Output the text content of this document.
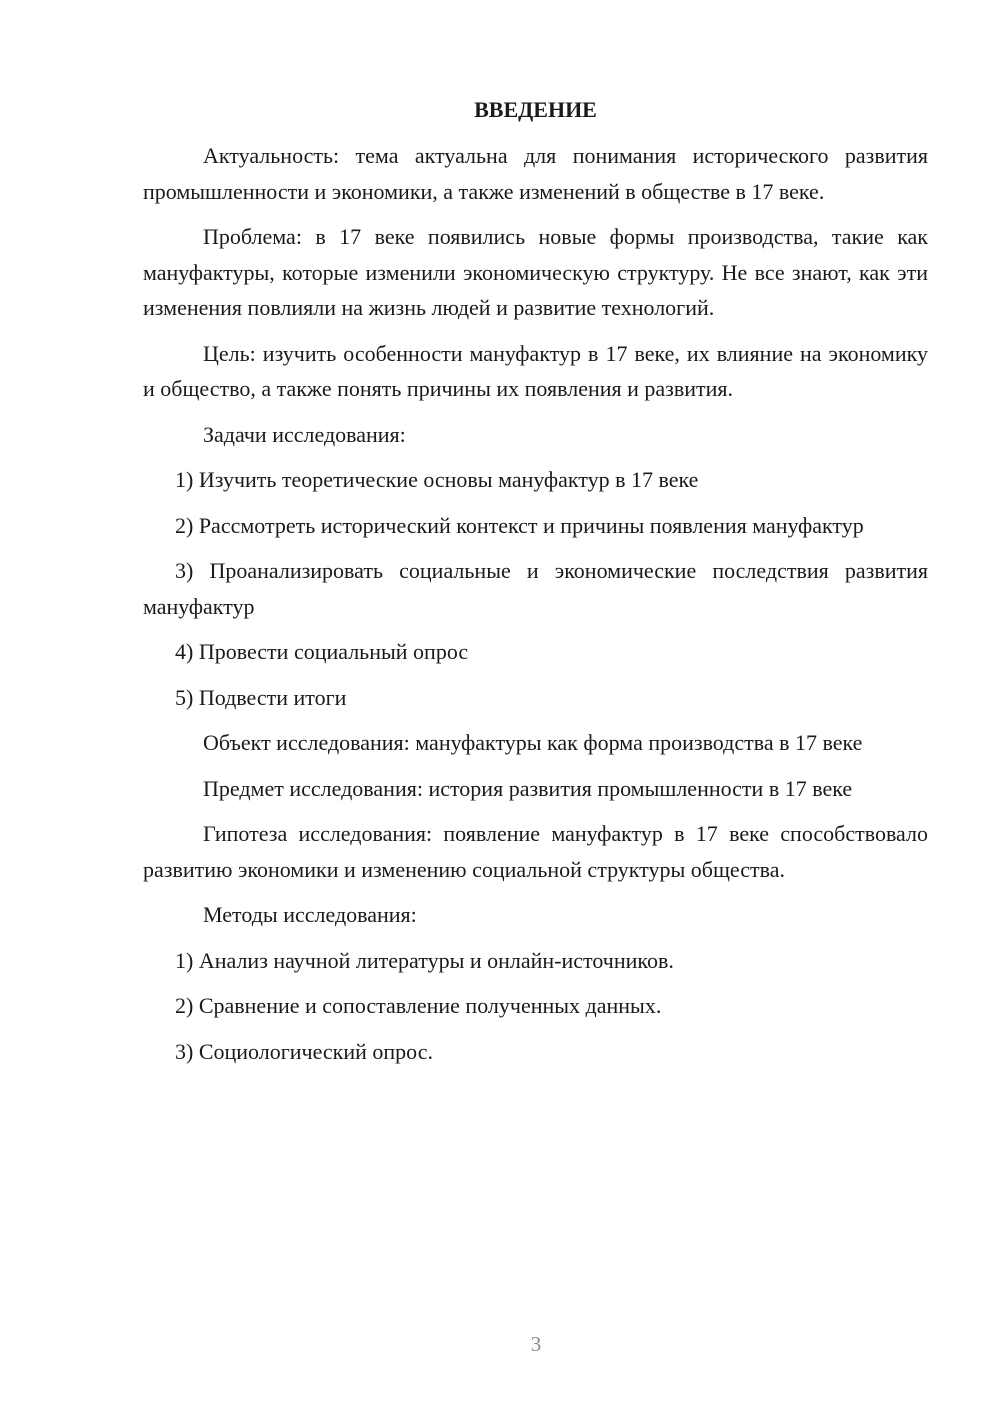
ВВЕДЕНИЕ

Актуальность: тема актуальна для понимания исторического развития промышленности и экономики, а также изменений в обществе в 17 веке.

Проблема: в 17 веке появились новые формы производства, такие как мануфактуры, которые изменили экономическую структуру. Не все знают, как эти изменения повлияли на жизнь людей и развитие технологий.

Цель: изучить особенности мануфактур в 17 веке, их влияние на экономику и общество, а также понять причины их появления и развития.

Задачи исследования:

1) Изучить теоретические основы мануфактур в 17 веке

2) Рассмотреть исторический контекст и причины появления мануфактур

3) Проанализировать социальные и экономические последствия развития мануфактур

4) Провести социальный опрос

5) Подвести итоги

Объект исследования: мануфактуры как форма производства в 17 веке

Предмет исследования: история развития промышленности в 17 веке

Гипотеза исследования: появление мануфактур в 17 веке способствовало развитию экономики и изменению социальной структуры общества.

Методы исследования:

1) Анализ научной литературы и онлайн-источников.

2) Сравнение и сопоставление полученных данных.

3) Социологический опрос.

3
